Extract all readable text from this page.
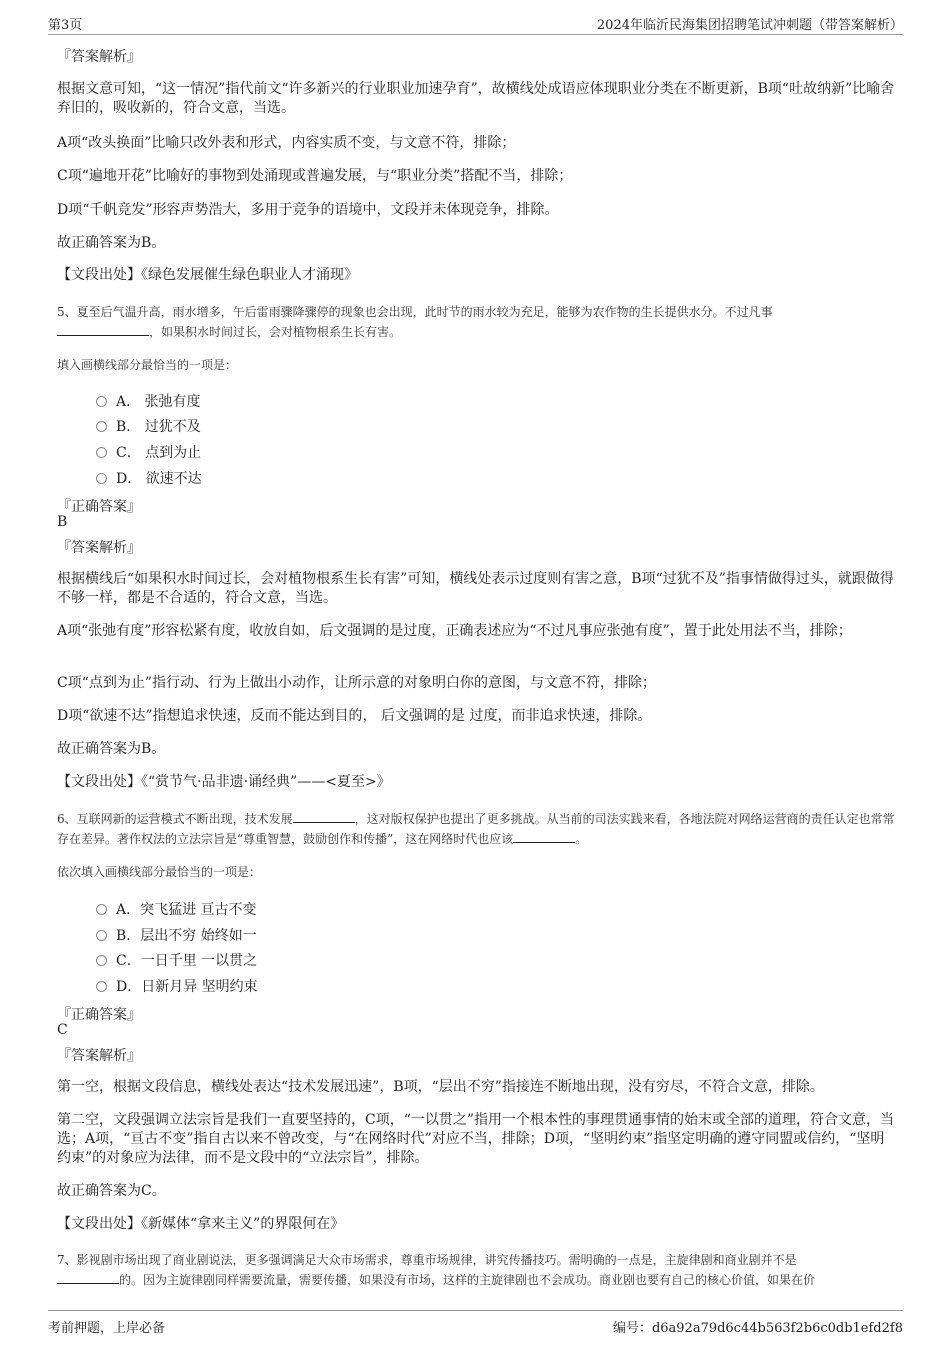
第3页	2024年临沂民海集团招聘笔试冲刺题（带答案解析）
『答案解析』
根据文意可知，“这一情况”指代前文“许多新兴的行业职业加速孕育”，故横线处成语应体现职业分类在不断更新，B项“吐故纳新”比喻舍弃旧的，吸收新的，符合文意，当选。
A项“改头换面”比喻只改外表和形式，内容实质不变，与文意不符，排除；
C项“遍地开花”比喻好的事物到处涌现或普遍发展，与“职业分类”搭配不当，排除；
D项“千帆竞发”形容声势浩大，多用于竞争的语境中，文段并未体现竞争，排除。
故正确答案为B。
【文段出处】《绿色发展催生绿色职业人才涌现》
5、夏至后气温升高，雨水增多，午后雷雨骤降骤停的现象也会出现，此时节的雨水较为充足，能够为农作物的生长提供水分。不过凡事
，如果积水时间过长，会对植物根系生长有害。
填入画横线部分最恰当的一项是：
A． 张弛有度
B． 过犹不及
C． 点到为止
D． 欲速不达
『正确答案』
B
『答案解析』
根据横线后“如果积水时间过长，会对植物根系生长有害”可知，横线处表示过度则有害之意，B项“过犹不及”指事情做得过头，就跟做得不够一样，都是不合适的，符合文意，当选。
A项“张弛有度”形容松紧有度，收放自如，后文强调的是过度，正确表述应为“不过凡事应张弛有度”，置于此处用法不当，排除；
C项“点到为止”指行动、行为上做出小动作，让所示意的对象明白你的意图，与文意不符，排除；
D项“欲速不达”指想追求快速，反而不能达到目的， 后文强调的是 过度，而非追求快速，排除。
故正确答案为B。
【文段出处】《“赏节气·品非遗·诵经典”——<夏至>》
6、互联网新的运营模式不断出现，技术发展	，这对版权保护也提出了更多挑战。从当前的司法实践来看，各地法院对网络运营商的责任认定也常常存在差异。著作权法的立法宗旨是“尊重智慧，鼓励创作和传播”，这在网络时代也应该	。
依次填入画横线部分最恰当的一项是：
A．突飞猛进 亘古不变
B．层出不穷 始终如一
C．一日千里 一以贯之
D．日新月异 坚明约束
『正确答案』
C
『答案解析』
第一空，根据文段信息，横线处表达“技术发展迅速”，B项，“层出不穷”指接连不断地出现，没有穷尽，不符合文意，排除。
第二空，文段强调立法宗旨是我们一直要坚持的，C项，“一以贯之”指用一个根本性的事理贯通事情的始末或全部的道理，符合文意，当选；A项，“亘古不变”指自古以来不曾改变，与“在网络时代”对应不当，排除；D项，“坚明约束”指坚定明确的遵守同盟或信约，“坚明约束”的对象应为法律，而不是文段中的“立法宗旨”，排除。
故正确答案为C。
【文段出处】《新媒体“拿来主义”的界限何在》
7、影视剧市场出现了商业剧说法，更多强调满足大众市场需求，尊重市场规律，讲究传播技巧。需明确的一点是，主旋律剧和商业剧并不是
的。因为主旋律剧同样需要流量，需要传播，如果没有市场，这样的主旋律剧也不会成功。商业剧也要有自己的核心价值，如果在价
考前押题，上岸必备	编号：d6a92a79d6c44b563f2b6c0db1efd2f8
